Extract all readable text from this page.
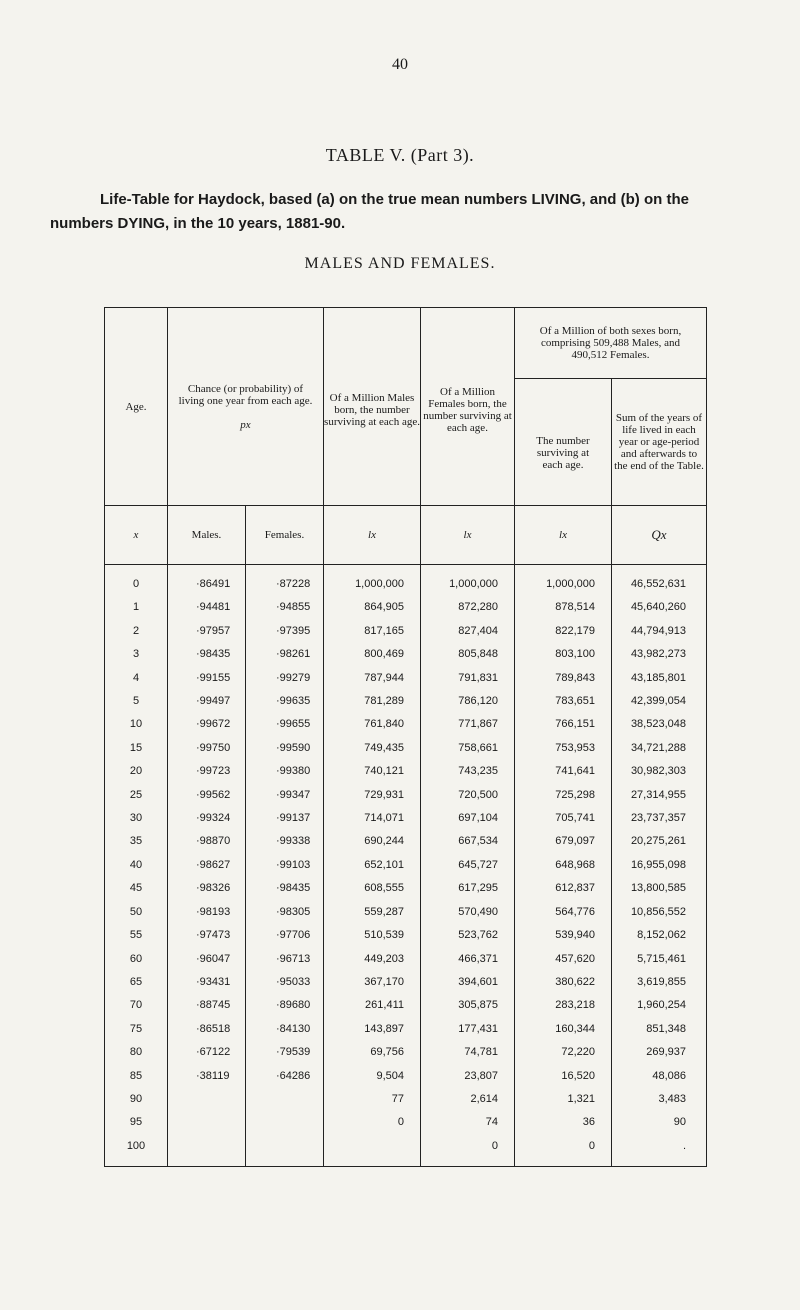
40
TABLE V. (Part 3).
Life-Table for Haydock, based (a) on the true mean numbers LIVING, and (b) on the numbers DYING, in the 10 years, 1881-90.
MALES AND FEMALES.
Age.	Chance (or probability) of living one year from each age.
px		Of a Million Males born, the number surviving at each age.	Of a Million Females born, the number surviving at each age.	Of a Million of both sexes born, comprising 509,488 Males, and 490,512 Females.	
					The number surviving at each age.	Sum of the years of life lived in each year or age-period and afterwards to the end of the Table.
x	Males.	Females.	lx	lx	lx	Qx
0	·86491	·87228	1,000,000	1,000,000	1,000,000	46,552,631
1	·94481	·94855	864,905	872,280	878,514	45,640,260
2	·97957	·97395	817,165	827,404	822,179	44,794,913
3	·98435	·98261	800,469	805,848	803,100	43,982,273
4	·99155	·99279	787,944	791,831	789,843	43,185,801
5	·99497	·99635	781,289	786,120	783,651	42,399,054
10	·99672	·99655	761,840	771,867	766,151	38,523,048
15	·99750	·99590	749,435	758,661	753,953	34,721,288
20	·99723	·99380	740,121	743,235	741,641	30,982,303
25	·99562	·99347	729,931	720,500	725,298	27,314,955
30	·99324	·99137	714,071	697,104	705,741	23,737,357
35	·98870	·99338	690,244	667,534	679,097	20,275,261
40	·98627	·99103	652,101	645,727	648,968	16,955,098
45	·98326	·98435	608,555	617,295	612,837	13,800,585
50	·98193	·98305	559,287	570,490	564,776	10,856,552
55	·97473	·97706	510,539	523,762	539,940	8,152,062
60	·96047	·96713	449,203	466,371	457,620	5,715,461
65	·93431	·95033	367,170	394,601	380,622	3,619,855
70	·88745	·89680	261,411	305,875	283,218	1,960,254
75	·86518	·84130	143,897	177,431	160,344	851,348
80	·67122	·79539	69,756	74,781	72,220	269,937
85	·38119	·64286	9,504	23,807	16,520	48,086
90			77	2,614	1,321	3,483
95			0	74	36	90
100				0	0	.
